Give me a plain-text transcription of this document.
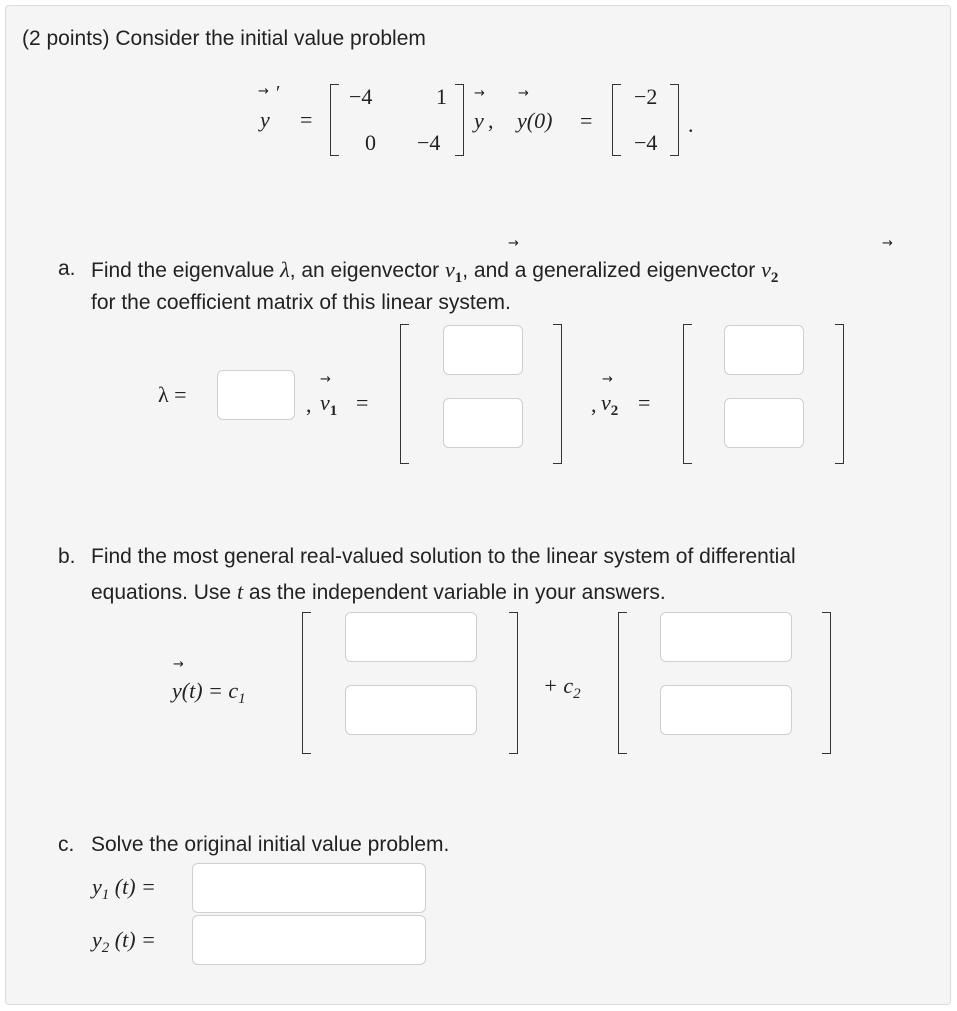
(2 points) Consider the initial value problem
→ ′
y =
−4	1
0 −4
→
y ,
→
y(0) =
−2
−4
.
a. Find the eigenvalue λ, an eigenvector $v_1$, and a generalized eigenvector $v_2$
→	→
for the coefficient matrix of this linear system.
λ =	,
→
$v_1$ =	,
→
$v_2$ =
b. Find the most general real-valued solution to the linear system of differential
equations. Use t as the independent variable in your answers.
→
$y(t) = c_1$
+ $c_2$
c. Solve the original initial value problem.
$y_1$ (t) =
$y_2$ (t) =
